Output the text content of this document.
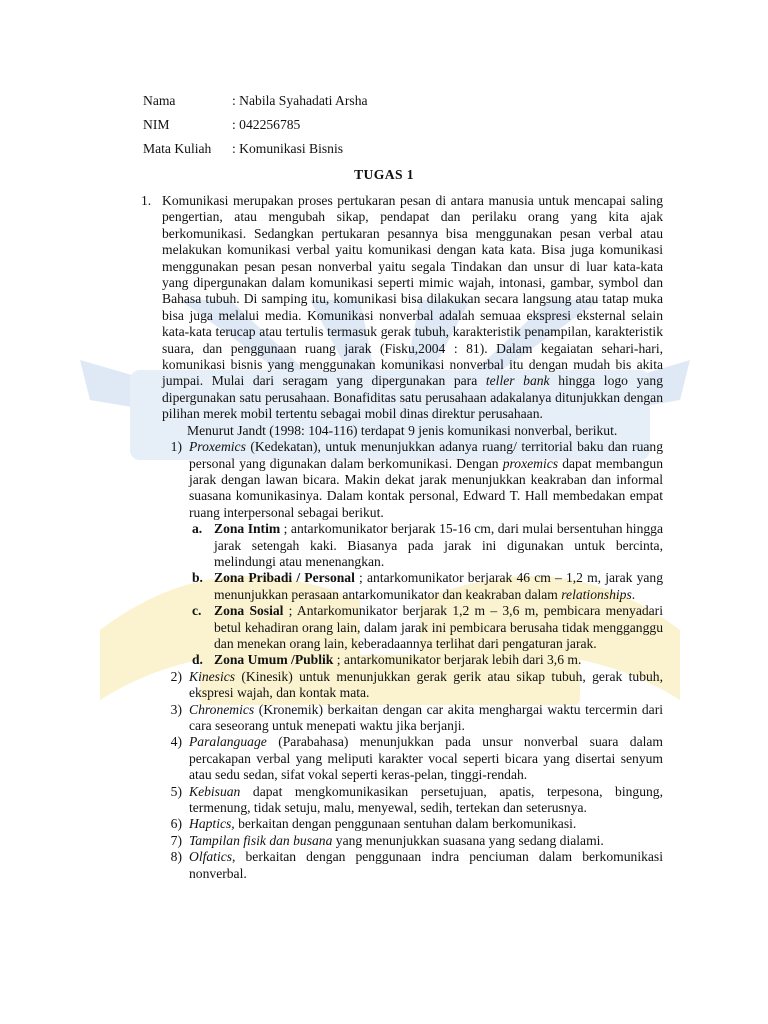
Nama	: Nabila Syahadati Arsha
NIM	: 042256785
Mata Kuliah	: Komunikasi Bisnis
TUGAS 1
1. Komunikasi merupakan proses pertukaran pesan di antara manusia untuk mencapai saling pengertian, atau mengubah sikap, pendapat dan perilaku orang yang kita ajak berkomunikasi. Sedangkan pertukaran pesannya bisa menggunakan pesan verbal atau melakukan komunikasi verbal yaitu komunikasi dengan kata kata. Bisa juga komunikasi menggunakan pesan pesan nonverbal yaitu segala Tindakan dan unsur di luar kata-kata yang dipergunakan dalam komunikasi seperti mimic wajah, intonasi, gambar, symbol dan Bahasa tubuh. Di samping itu, komunikasi bisa dilakukan secara langsung atau tatap muka bisa juga melalui media. Komunikasi nonverbal adalah semuaa ekspresi eksternal selain kata-kata terucap atau tertulis termasuk gerak tubuh, karakteristik penampilan, karakteristik suara, dan penggunaan ruang jarak (Fisku,2004 : 81). Dalam kegaiatan sehari-hari, komunikasi bisnis yang menggunakan komunikasi nonverbal itu dengan mudah bis akita jumpai. Mulai dari seragam yang dipergunakan para teller bank hingga logo yang dipergunakan satu perusahaan. Bonafiditas satu perusahaan adakalanya ditunjukkan dengan pilihan merek mobil tertentu sebagai mobil dinas direktur perusahaan.

Menurut Jandt (1998: 104-116) terdapat 9 jenis komunikasi nonverbal, berikut.

1) Proxemics (Kedekatan), untuk menunjukkan adanya ruang/ territorial baku dan ruang personal yang digunakan dalam berkomunikasi. Dengan proxemics dapat membangun jarak dengan lawan bicara. Makin dekat jarak menunjukkan keakraban dan informal suasana komunikasinya. Dalam kontak personal, Edward T. Hall membedakan empat ruang interpersonal sebagai berikut.
a. Zona Intim ; antarkomunikator berjarak 15-16 cm, dari mulai bersentuhan hingga jarak setengah kaki. Biasanya pada jarak ini digunakan untuk bercinta, melindungi atau menenangkan.
b. Zona Pribadi / Personal ; antarkomunikator berjarak 46 cm – 1,2 m, jarak yang menunjukkan perasaan antarkomunikator dan keakraban dalam relationships.
c. Zona Sosial ; Antarkomunikator berjarak 1,2 m – 3,6 m, pembicara menyadari betul kehadiran orang lain, dalam jarak ini pembicara berusaha tidak mengganggu dan menekan orang lain, keberadaannya terlihat dari pengaturan jarak.
d. Zona Umum /Publik ; antarkomunikator berjarak lebih dari 3,6 m.
2) Kinesics (Kinesik) untuk menunjukkan gerak gerik atau sikap tubuh, gerak tubuh, ekspresi wajah, dan kontak mata.
3) Chronemics (Kronemik) berkaitan dengan car akita menghargai waktu tercermin dari cara seseorang untuk menepati waktu jika berjanji.
4) Paralanguage (Parabahasa) menunjukkan pada unsur nonverbal suara dalam percakapan verbal yang meliputi karakter vocal seperti bicara yang disertai senyum atau sedu sedan, sifat vokal seperti keras-pelan, tinggi-rendah.
5) Kebisuan dapat mengkomunikasikan persetujuan, apatis, terpesona, bingung, termenung, tidak setuju, malu, menyewal, sedih, tertekan dan seterusnya.
6) Haptics, berkaitan dengan penggunaan sentuhan dalam berkomunikasi.
7) Tampilan fisik dan busana yang menunjukkan suasana yang sedang dialami.
8) Olfatics, berkaitan dengan penggunaan indra penciuman dalam berkomunikasi nonverbal.
